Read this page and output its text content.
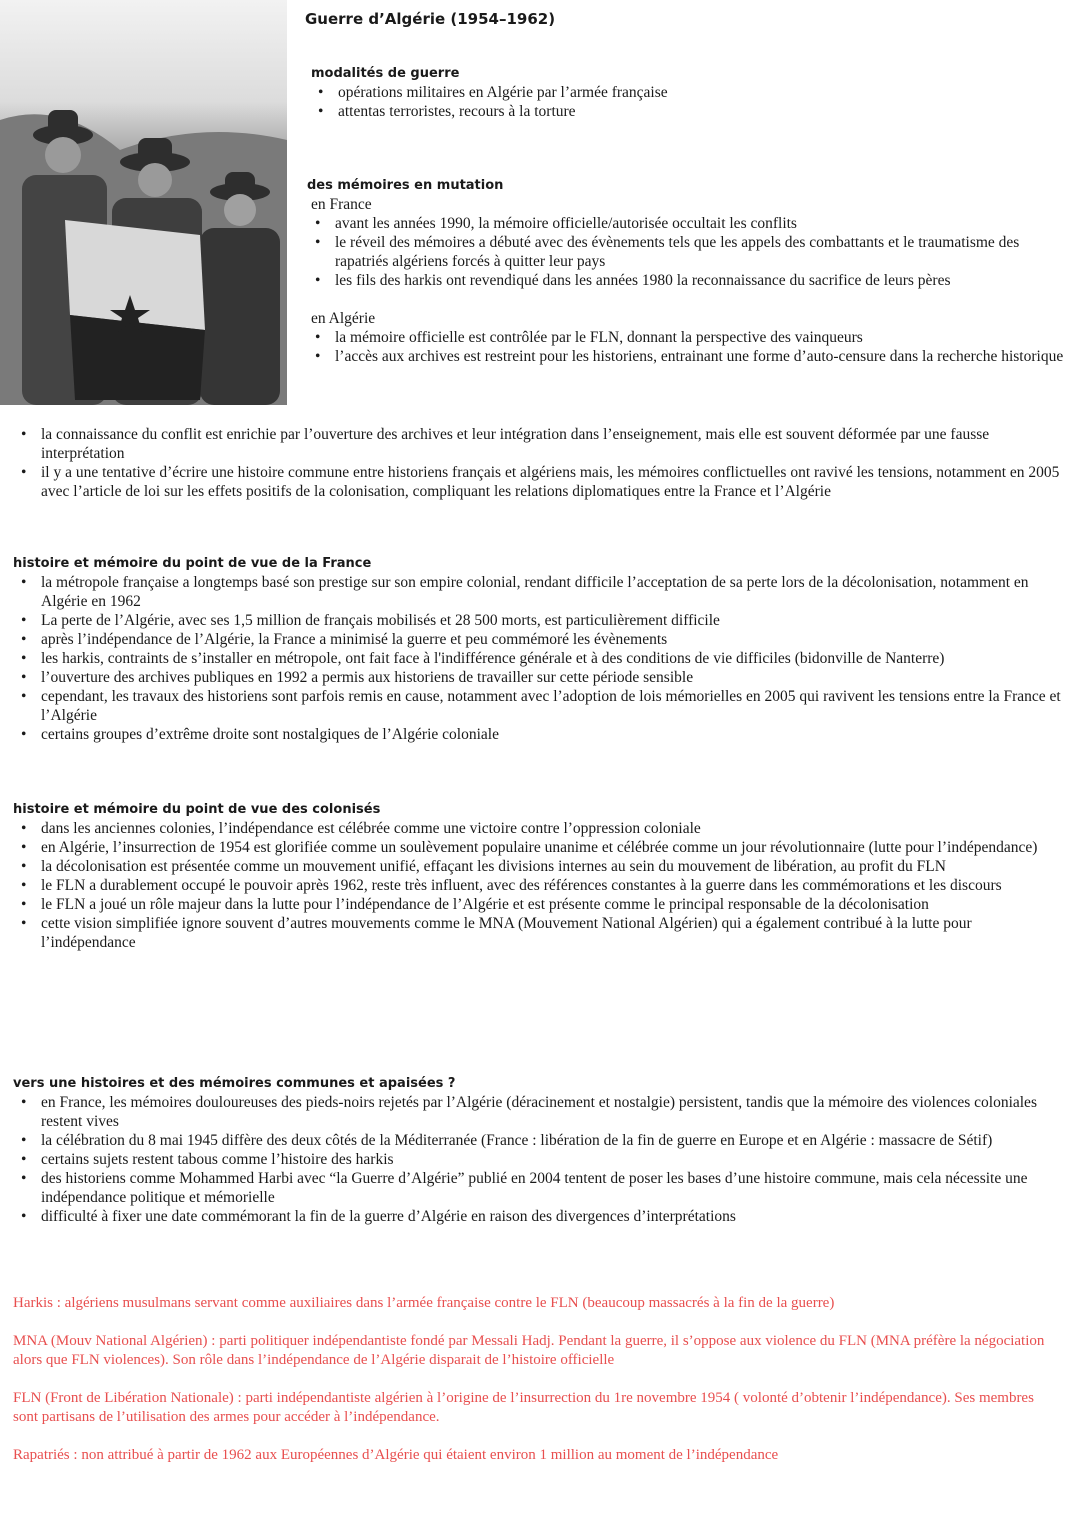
Guerre d’Algérie (1954–1962)
modalités de guerre
• opérations militaires en Algérie par l’armée française
• attentas terroristes, recours à la torture
des mémoires en mutation

en France

• avant les années 1990, la mémoire officielle/autorisée occultait les conflits
• le réveil des mémoires a débuté avec des évènements tels que les appels des combattants et le traumatisme des rapatriés algériens forcés à quitter leur pays
• les fils des harkis ont revendiqué dans les années 1980 la reconnaissance du sacrifice de leurs pères

en Algérie

• la mémoire officielle est contrôlée par le FLN, donnant la perspective des vainqueurs
• l’accès aux archives est restreint pour les historiens, entrainant une forme d’auto-censure dans la recherche historique
• la connaissance du conflit est enrichie par l’ouverture des archives et leur intégration dans l’enseignement, mais elle est souvent déformée par une fausse interprétation
• il y a une tentative d’écrire une histoire commune entre historiens français et algériens mais, les mémoires conflictuelles ont ravivé les tensions, notamment en 2005 avec l’article de loi sur les effets positifs de la colonisation, compliquant les relations diplomatiques entre la France et l’Algérie
histoire et mémoire du point de vue de la France
• la métropole française a longtemps basé son prestige sur son empire colonial, rendant difficile l’acceptation de sa perte lors de la décolonisation, notamment en Algérie en 1962
• La perte de l’Algérie, avec ses 1,5 million de français mobilisés et 28 500 morts, est particulièrement difficile
• après l’indépendance de l’Algérie, la France a minimisé la guerre et peu commémoré les évènements
• les harkis, contraints de s’installer en métropole, ont fait face à l'indifférence générale et à des conditions de vie difficiles (bidonville de Nanterre)
• l’ouverture des archives publiques en 1992 a permis aux historiens de travailler sur cette période sensible
• cependant, les travaux des historiens sont parfois remis en cause, notamment avec l’adoption de lois mémorielles en 2005 qui ravivent les tensions entre la France et l’Algérie
• certains groupes d’extrême droite sont nostalgiques de l’Algérie coloniale
histoire et mémoire du point de vue des colonisés
• dans les anciennes colonies, l’indépendance est célébrée comme une victoire contre l’oppression coloniale
• en Algérie, l’insurrection de 1954 est glorifiée comme un soulèvement populaire unanime et célébrée comme un jour révolutionnaire (lutte pour l’indépendance)
• la décolonisation est présentée comme un mouvement unifié, effaçant les divisions internes au sein du mouvement de libération, au profit du FLN
• le FLN a durablement occupé le pouvoir après 1962, reste très influent, avec des références constantes à la guerre dans les commémorations et les discours
• le FLN a joué un rôle majeur dans la lutte pour l’indépendance de l’Algérie et est présente comme le principal responsable de la décolonisation
• cette vision simplifiée ignore souvent d’autres mouvements comme le MNA (Mouvement National Algérien) qui a également contribué à la lutte pour l’indépendance
vers une histoires et des mémoires communes et apaisées ?
• en France, les mémoires douloureuses des pieds-noirs rejetés par l’Algérie (déracinement et nostalgie) persistent, tandis que la mémoire des violences coloniales restent vives
• la célébration du 8 mai 1945 diffère des deux côtés de la Méditerranée (France : libération de la fin de guerre en Europe et en Algérie : massacre de Sétif)
• certains sujets restent tabous comme l’histoire des harkis
• des historiens comme Mohammed Harbi avec “la Guerre d’Algérie” publié en 2004 tentent de poser les bases d’une histoire commune, mais cela nécessite une indépendance politique et mémorielle
• difficulté à fixer une date commémorant la fin de la guerre d’Algérie en raison des divergences d’interprétations

Harkis : algériens musulmans servant comme auxiliaires dans l’armée française contre le FLN (beaucoup massacrés à la fin de la guerre)

MNA (Mouv National Algérien) : parti politiquer indépendantiste fondé par Messali Hadj. Pendant la guerre, il s’oppose aux violence du FLN (MNA préfère la négociation alors que FLN violences). Son rôle dans l’indépendance de l’Algérie disparait de l’histoire officielle

FLN (Front de Libération Nationale) : parti indépendantiste algérien à l’origine de l’insurrection du 1re novembre 1954 ( volonté d’obtenir l’indépendance). Ses membres sont partisans de l’utilisation des armes pour accéder à l’indépendance.

Rapatriés : non attribué à partir de 1962 aux Européennes d’Algérie qui étaient environ 1 million au moment de l’indépendance
